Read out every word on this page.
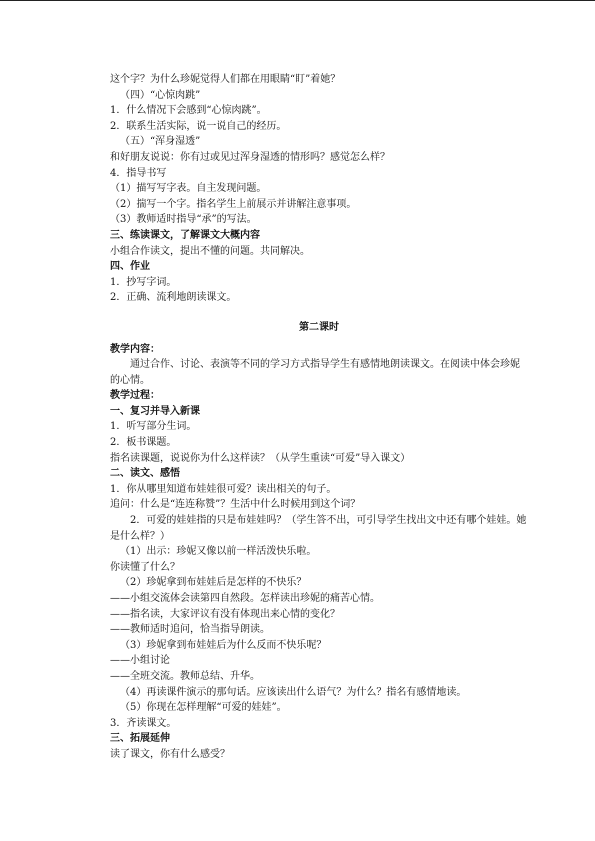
这个字？为什么珍妮觉得人们都在用眼睛“盯”着她？
（四）“心惊肉跳”
1．什么情况下会感到“心惊肉跳”。
2．联系生活实际，说一说自己的经历。
（五）“浑身湿透”
和好朋友说说：你有过或见过浑身湿透的情形吗？感觉怎么样？
4．指导书写
（1）描写写字表。自主发现问题。
（2）揣写一个字。指名学生上前展示并讲解注意事项。
（3）教师适时指导“承”的写法。
三、练读课文，了解课文大概内容
小组合作读文，提出不懂的问题。共同解决。
四、作业
1．抄写字词。
2．正确、流利地朗读课文。
第二课时
教学内容：

通过合作、讨论、表演等不同的学习方式指导学生有感情地朗读课文。在阅读中体会珍妮的心情。

教学过程：
一、复习并导入新课
1．听写部分生词。
2．板书课题。
指名读课题，说说你为什么这样读？（从学生重读“可爱”导入课文）
二、读文、感悟
1．你从哪里知道布娃娃很可爱？读出相关的句子。
追问：什么是“连连称赞”？生活中什么时候用到这个词？

2．可爱的娃娃指的只是布娃娃吗？（学生答不出，可引导学生找出文中还有哪个娃娃。她是什么样？）

（1）出示：珍妮又像以前一样活泼快乐啦。
你读懂了什么？
（2）珍妮拿到布娃娃后是怎样的不快乐？
——小组交流体会读第四自然段。怎样读出珍妮的痛苦心情。
——指名读，大家评议有没有体现出来心情的变化？
——教师适时追问，恰当指导朗读。
（3）珍妮拿到布娃娃后为什么反而不快乐呢？
——小组讨论
——全班交流。教师总结、升华。
（4）再读课件演示的那句话。应该读出什么语气？为什么？指名有感情地读。
（5）你现在怎样理解“可爱的娃娃”。
3．齐读课文。
三、拓展延伸
读了课文，你有什么感受？
